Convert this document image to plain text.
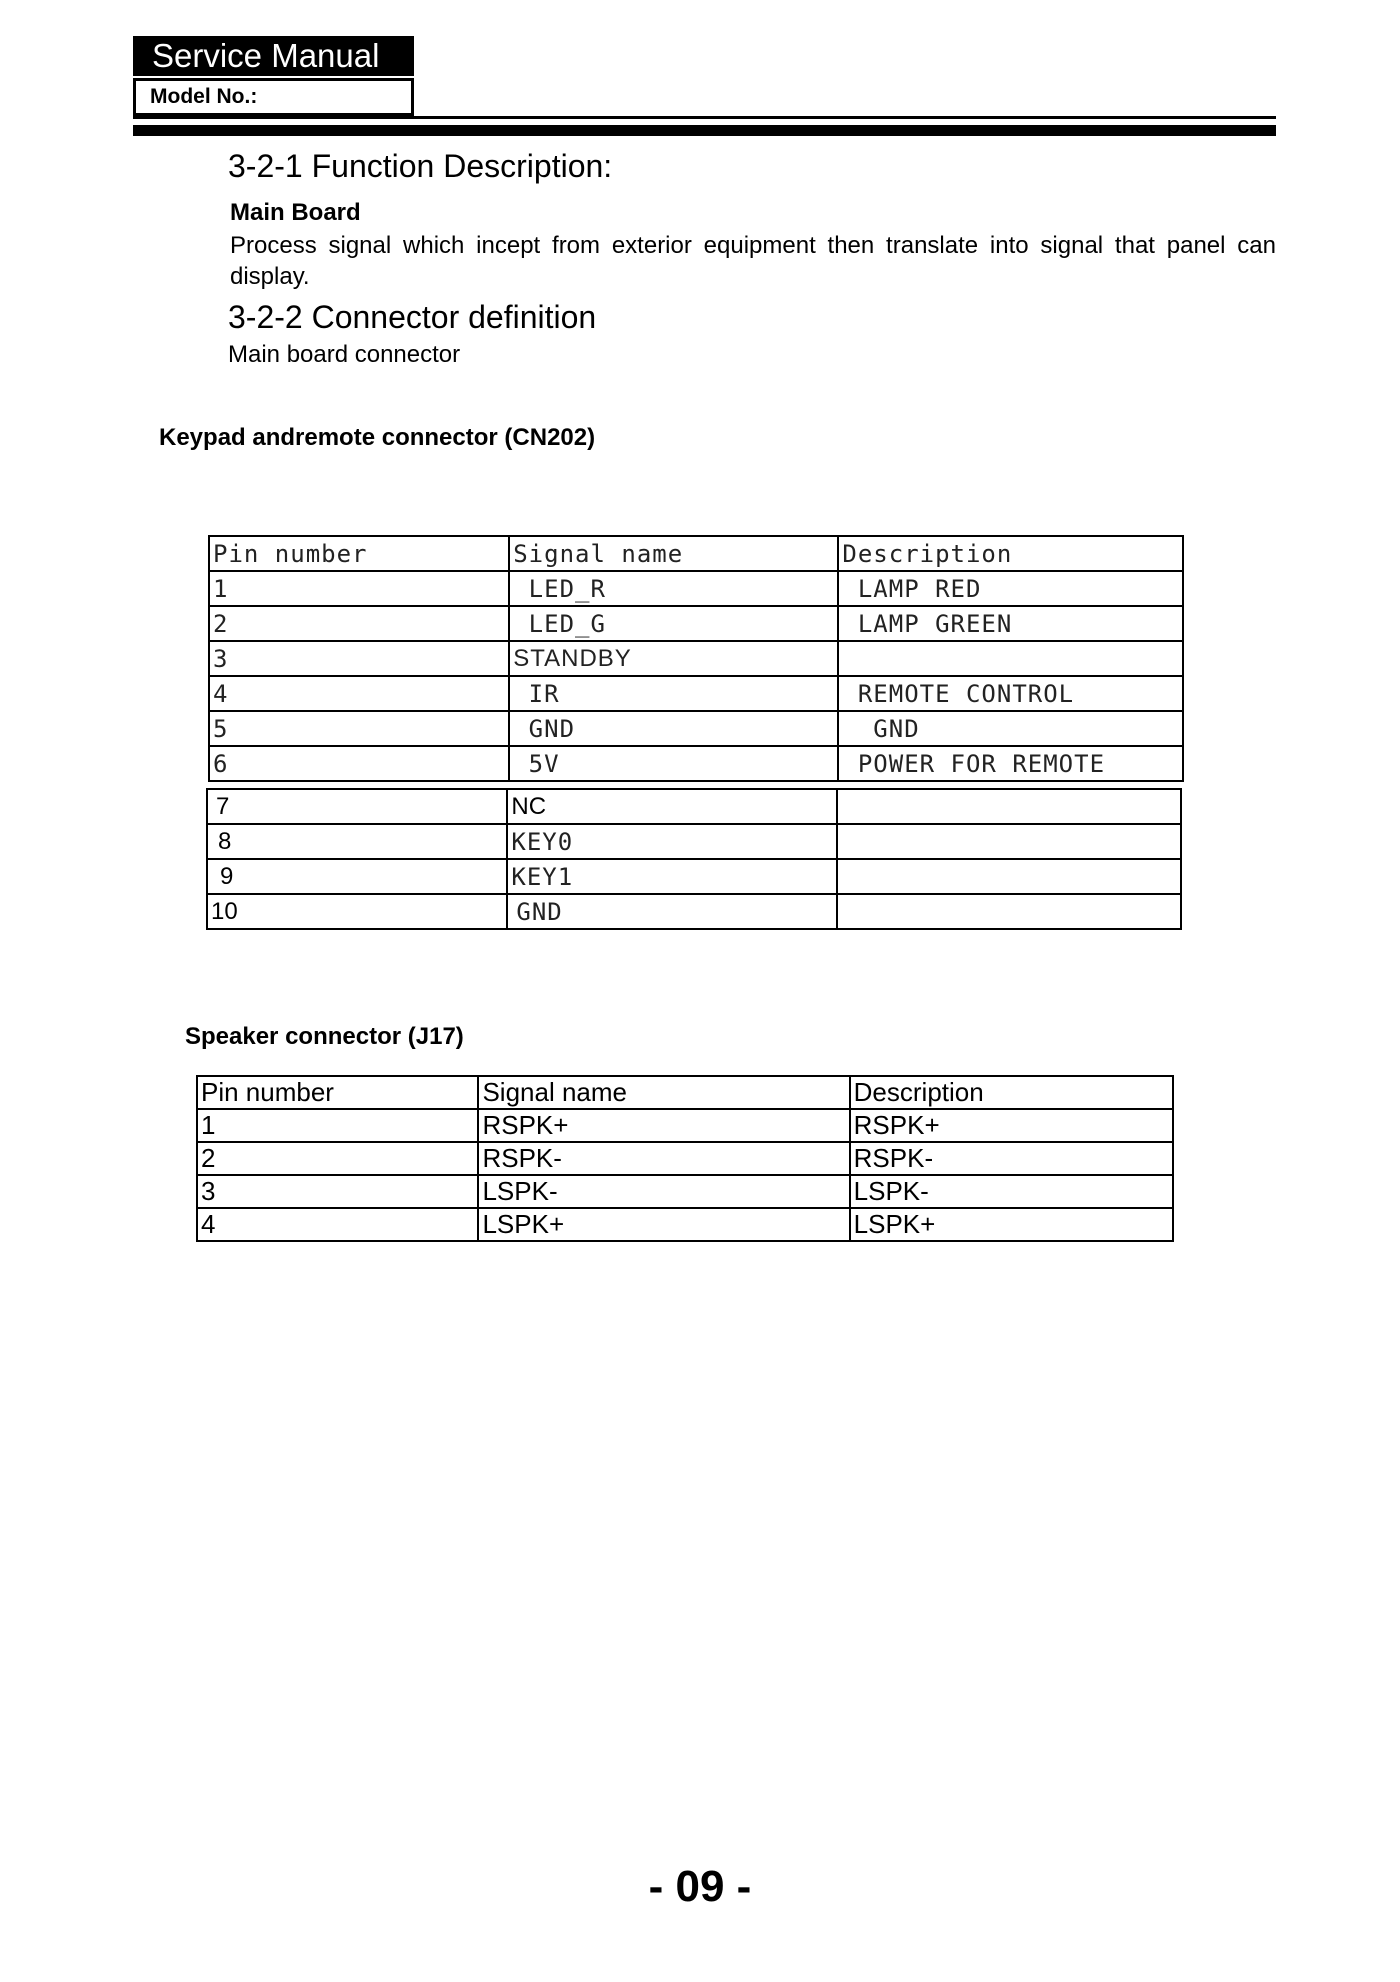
Service Manual
Model No.:
3-2-1 Function Description:
Main Board
Process signal which incept from exterior equipment then translate into signal that panel can display.
3-2-2 Connector definition
Main board connector
Keypad andremote connector (CN202)
Pin number	Signal name	Description
1	LED_R	LAMP RED
2	LED_G	LAMP GREEN
3	STANDBY	
4	IR	REMOTE CONTROL
5	GND	GND
6	5V	POWER FOR REMOTE
7	NC	
8	KEY0	
9	KEY1	
10	GND	
Speaker connector (J17)
Pin number	Signal name	Description
1	RSPK+	RSPK+
2	RSPK-	RSPK-
3	LSPK-	LSPK-
4	LSPK+	LSPK+
- 09 -
